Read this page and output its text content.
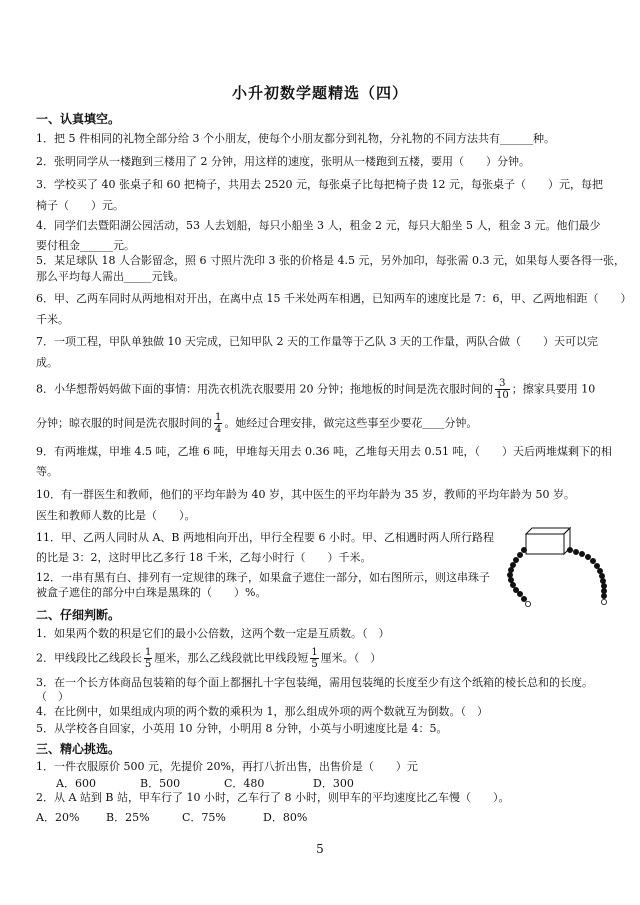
小升初数学题精选（四）
一、认真填空。
1．把 5 件相同的礼物全部分给 3 个小朋友，使每个小朋友都分到礼物，分礼物的不同方法共有______种。
2．张明同学从一楼跑到三楼用了 2 分钟，用这样的速度，张明从一楼跑到五楼，要用（　　）分钟。
3．学校买了 40 张桌子和 60 把椅子，共用去 2520 元，每张桌子比每把椅子贵 12 元，每张桌子（　　）元，每把
椅子（　　）元。
4．同学们去暨阳湖公园活动，53 人去划船，每只小船坐 3 人，租金 2 元，每只大船坐 5 人，租金 3 元。他们最少
要付租金______元。
5．某足球队 18 人合影留念，照 6 寸照片洗印 3 张的价格是 4.5 元，另外加印，每张需 0.3 元，如果每人要各得一张，
那么平均每人需出_____元钱。
6．甲、乙两车同时从两地相对开出，在离中点 15 千米处两车相遇，已知两车的速度比是 7：6，甲、乙两地相距（　　）
千米。
7．一项工程，甲队单独做 10 天完成，已知甲队 2 天的工作量等于乙队 3 天的工作量，两队合做（　　）天可以完
成。
8．小华想帮妈妈做下面的事情：用洗衣机洗衣服要用 20 分钟；拖地板的时间是洗衣服时间的 $\frac{3}{10}$ ；擦家具要用 10
分钟；晾衣服的时间是洗衣服时间的 $\frac{1}{4}$ 。她经过合理安排，做完这些事至少要花____分钟。
9．有两堆煤，甲堆 4.5 吨，乙堆 6 吨，甲堆每天用去 0.36 吨，乙堆每天用去 0.51 吨，（　　）天后两堆煤剩下的相
等。
10．有一群医生和教师，他们的平均年龄为 40 岁，其中医生的平均年龄为 35 岁，教师的平均年龄为 50 岁。
医生和教师人数的比是（　　）。
11．甲、乙两人同时从 A、B 两地相向开出，甲行全程要 6 小时。甲、乙相遇时两人所行路程
的比是 3：2，这时甲比乙多行 18 千米，乙每小时行（　　）千米。
12．一串有黑有白、排列有一定规律的珠子，如果盒子遮住一部分，如右图所示，则这串珠子
被盒子遮住的部分中白珠是黑珠的（　　）%。
二、仔细判断。
1．如果两个数的积是它们的最小公倍数，这两个数一定是互质数。（　）
2．甲线段比乙线段长 $\frac{1}{5}$ 厘米，那么乙线段就比甲线段短 $\frac{1}{5}$ 厘米。（　）
3．在一个长方体商品包装箱的每个面上都捆扎十字包装绳，需用包装绳的长度至少有这个纸箱的棱长总和的长度。
（　）
4．在比例中，如果组成内项的两个数的乘积为 1，那么组成外项的两个数就互为倒数。（　）
5．从学校各自回家，小英用 10 分钟，小明用 8 分钟，小英与小明速度比是 4：5。
三、精心挑选。
1．一件衣服原价 500 元，先提价 20%，再打八折出售，出售价是（　　）元
A．600	B．500	C．480	D．300
2．从 A 站到 B 站，甲车行了 10 小时，乙车行了 8 小时，则甲车的平均速度比乙车慢（　　）。
A．20% B．25%	C．75%	D．80%
5
